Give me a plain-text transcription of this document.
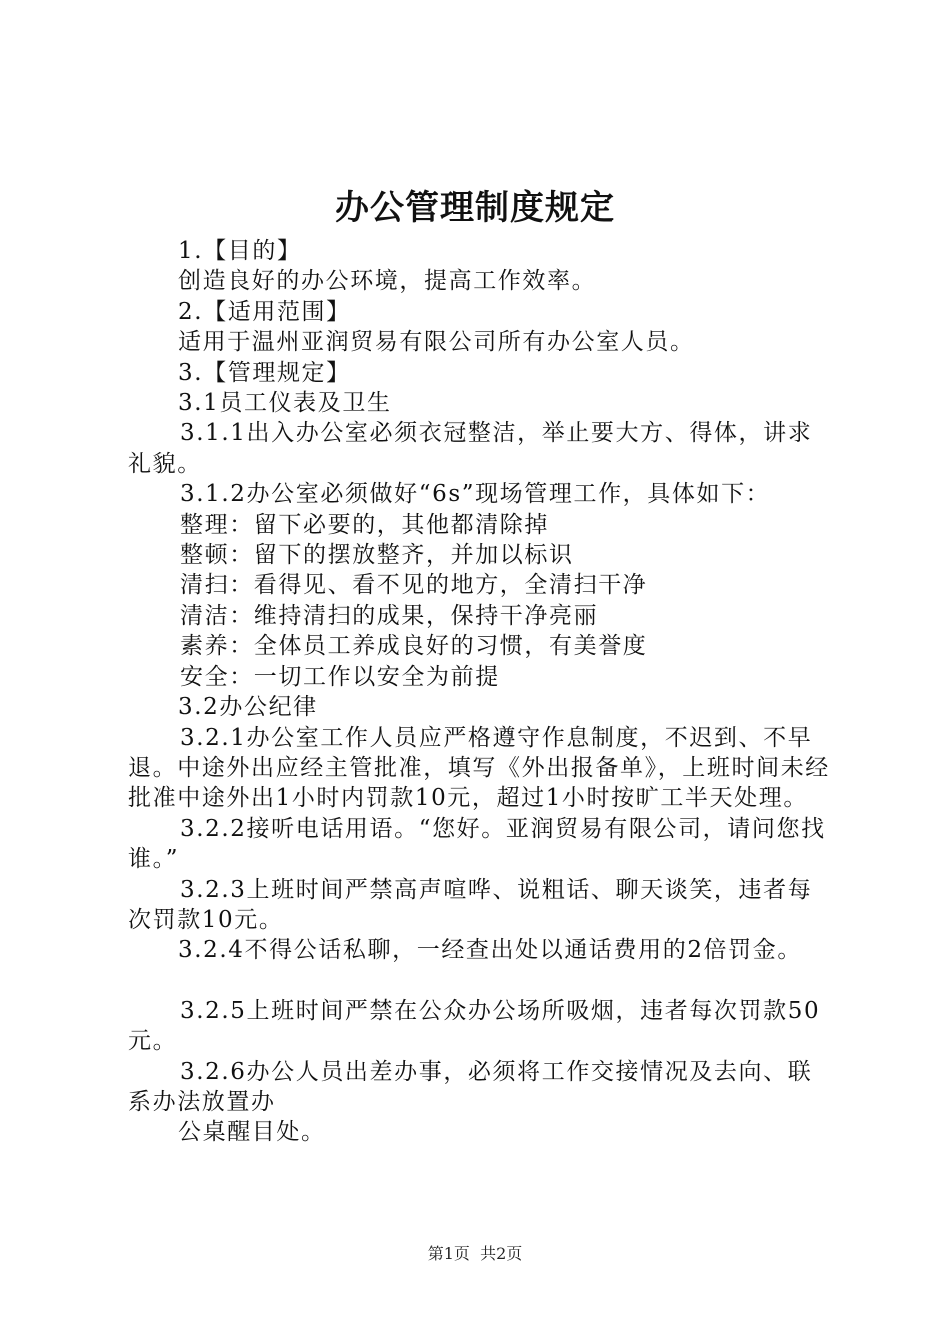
办公管理制度规定

1.【目的】

创造良好的办公环境，提高工作效率。

2.【适用范围】

适用于温州亚润贸易有限公司所有办公室人员。

3.【管理规定】

3.1员工仪表及卫生

3.1.1出入办公室必须衣冠整洁，举止要大方、得体，讲求礼貌。

3.1.2办公室必须做好“6s”现场管理工作，具体如下：

整理：留下必要的，其他都清除掉

整顿：留下的摆放整齐，并加以标识

清扫：看得见、看不见的地方，全清扫干净

清洁：维持清扫的成果，保持干净亮丽

素养：全体员工养成良好的习惯，有美誉度

安全：一切工作以安全为前提

3.2办公纪律

3.2.1办公室工作人员应严格遵守作息制度，不迟到、不早退。中途外出应经主管批准，填写《外出报备单》，上班时间未经批准中途外出1小时内罚款10元，超过1小时按旷工半天处理。

3.2.2接听电话用语。“您好。亚润贸易有限公司，请问您找谁。”

3.2.3上班时间严禁高声喧哗、说粗话、聊天谈笑，违者每次罚款10元。

3.2.4不得公话私聊，一经查出处以通话费用的2倍罚金。

3.2.5上班时间严禁在公众办公场所吸烟，违者每次罚款50元。

3.2.6办公人员出差办事，必须将工作交接情况及去向、联系办法放置办

公桌醒目处。

第1页  共2页
